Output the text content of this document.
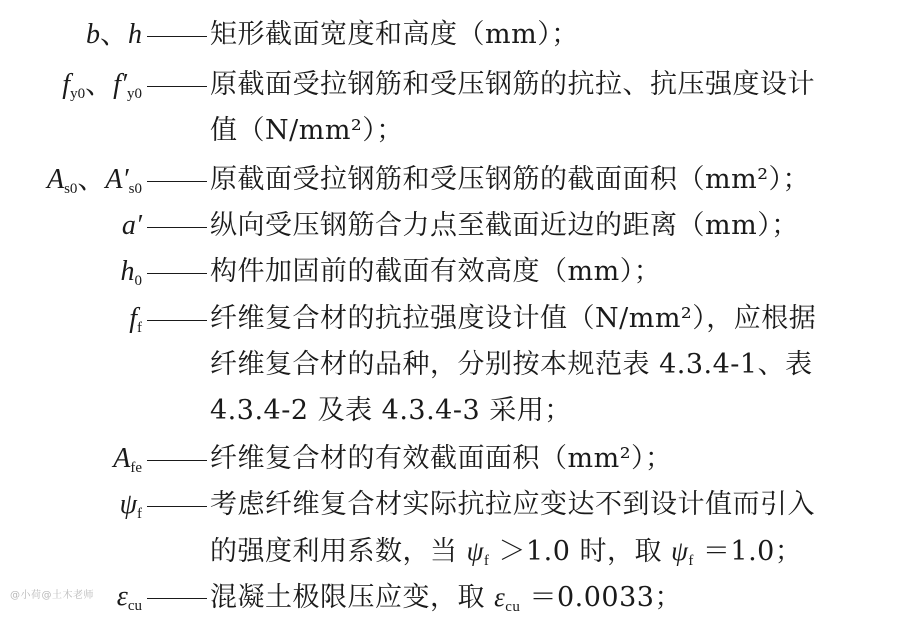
b、h	矩形截面宽度和高度（mm）；
$f_{y0}$、$f'_{y0}$	原截面受拉钢筋和受压钢筋的抗拉、抗压强度设计
值（N/mm²）；
$A_{s0}$、$A'_{s0}$	原截面受拉钢筋和受压钢筋的截面面积（mm²）；
a′	纵向受压钢筋合力点至截面近边的距离（mm）；
$h_0$	构件加固前的截面有效高度（mm）；
$f_f$	纤维复合材的抗拉强度设计值（N/mm²），应根据
纤维复合材的品种，分别按本规范表 4.3.4-1、表
4.3.4-2 及表 4.3.4-3 采用；
$A_{fe}$	纤维复合材的有效截面面积（mm²）；
$\psi_f$	考虑纤维复合材实际抗拉应变达不到设计值而引入
的强度利用系数，当 $\psi_f >1.0$ 时，取 $\psi_f =1.0$；
$\varepsilon_{cu}$	混凝土极限压应变，取 $\varepsilon_{cu} =0.0033$；
@小荷@土木老师
